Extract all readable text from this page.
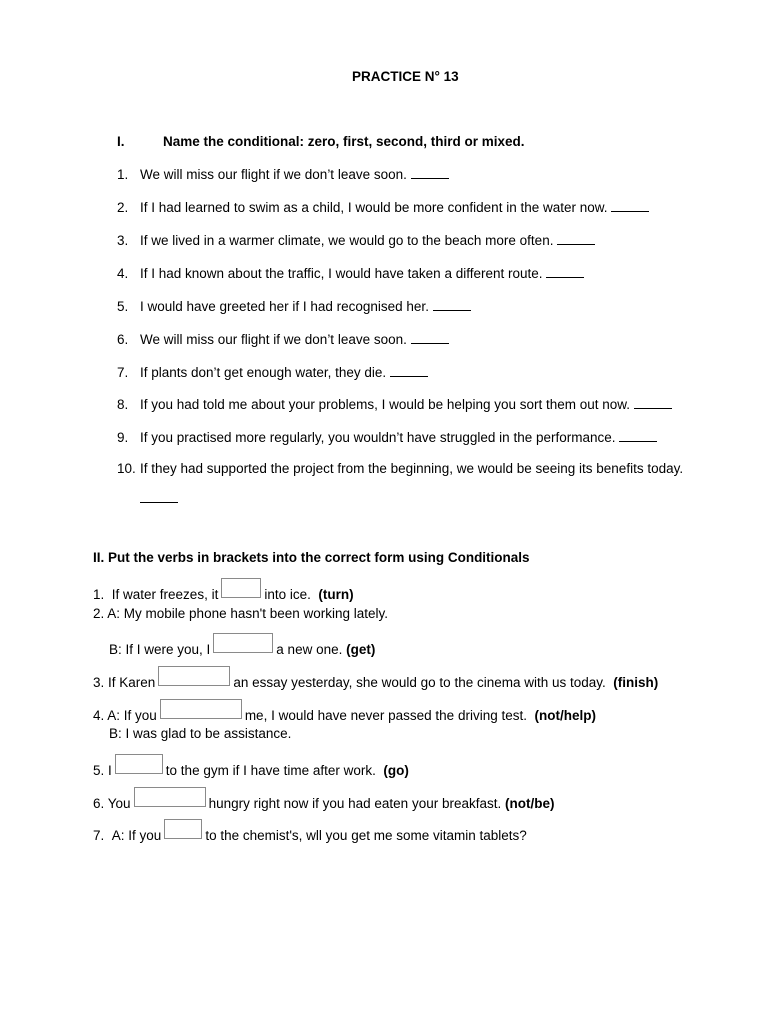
PRACTICE N° 13
I.	Name the conditional: zero, first, second, third or mixed.
1. We will miss our flight if we don’t leave soon.
2. If I had learned to swim as a child, I would be more confident in the water now.
3. If we lived in a warmer climate, we would go to the beach more often.
4. If I had known about the traffic, I would have taken a different route.
5. I would have greeted her if I had recognised her.
6. We will miss our flight if we don’t leave soon.
7. If plants don’t get enough water, they die.
8. If you had told me about your problems, I would be helping you sort them out now.
9. If you practised more regularly, you wouldn’t have struggled in the performance.
10. If they had supported the project from the beginning, we would be seeing its benefits today.
II. Put the verbs in brackets into the correct form using Conditionals
1. If water freezes, it	into ice. (turn)
2. A: My mobile phone hasn't been working lately.
B: If I were you, I	a new one. (get)
3. If Karen	an essay yesterday, she would go to the cinema with us today. (finish)
4. A: If you	me, I would have never passed the driving test. (not/help)
B: I was glad to be assistance.
5. I	to the gym if I have time after work. (go)
6. You	hungry right now if you had eaten your breakfast. (not/be)
7. A: If you	to the chemist's, wll you get me some vitamin tablets?
